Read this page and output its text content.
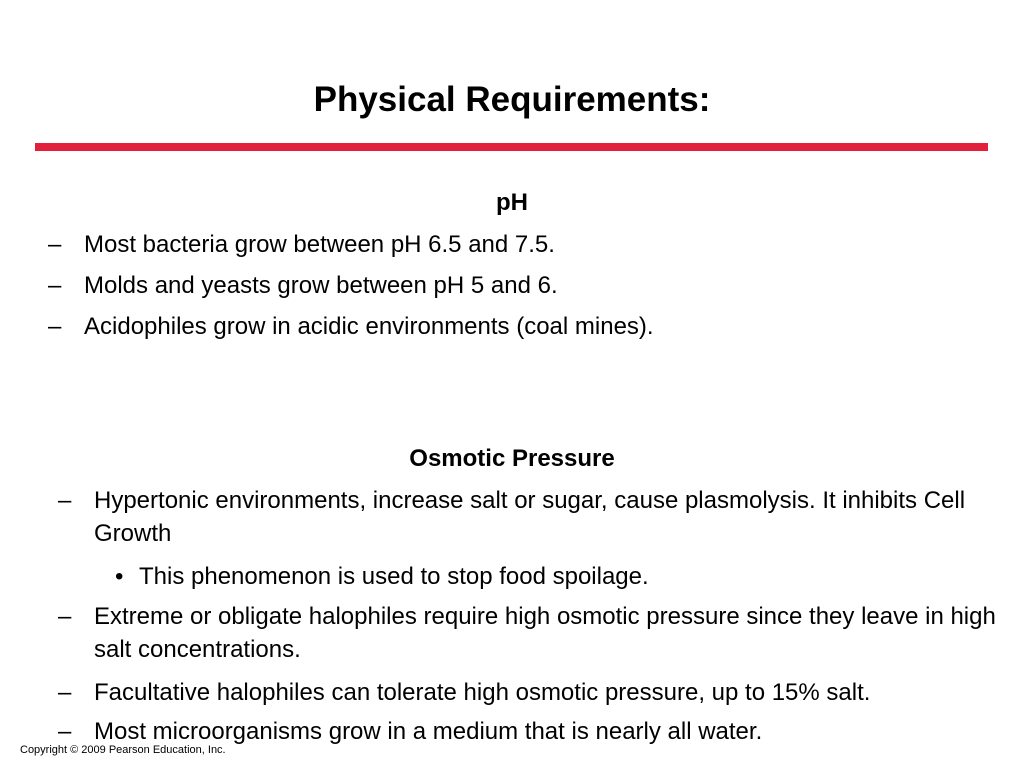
Physical Requirements:
pH
– Most bacteria grow between pH 6.5 and 7.5.
– Molds and yeasts grow between pH 5 and 6.
– Acidophiles grow in acidic environments (coal mines).
Osmotic Pressure
– Hypertonic environments, increase salt or sugar, cause plasmolysis. It inhibits Cell Growth
• This phenomenon is used to stop food spoilage.
– Extreme or obligate halophiles require high osmotic pressure since they leave in high salt concentrations.
– Facultative halophiles can tolerate high osmotic pressure, up to 15% salt.
– Most microorganisms grow in a medium that is nearly all water.
Copyright © 2009 Pearson Education, Inc.
